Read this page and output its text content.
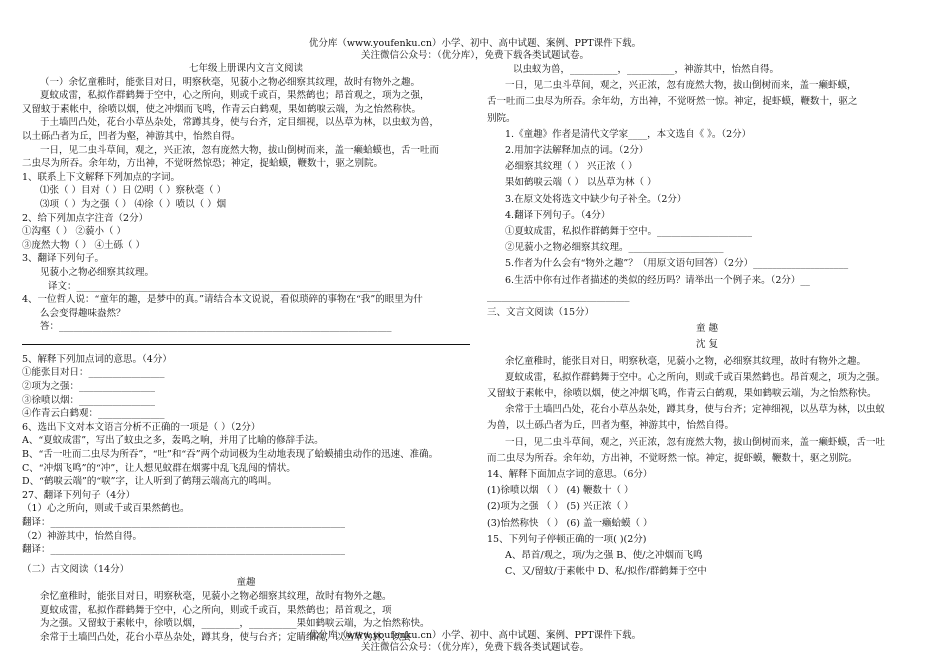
优分库（www.youfenku.cn）小学、初中、高中试题、案例、PPT课件下载。
关注微信公众号：（优分库），免费下载各类试题试卷。
七年级上册课内文言文阅读
（一）余忆童稚时，能张目对日，明察秋毫，见藐小之物必细察其纹理，故时有物外之趣。
夏蚊成雷，私拟作群鹤舞于空中，心之所向，则或千或百，果然鹤也；昂首观之，项为之强，
又留蚊于素帐中，徐喷以烟，使之冲烟而飞鸣，作青云白鹤观，果如鹤唳云端，为之怡然称快。
于土墙凹凸处，花台小草丛杂处，常蹲其身，使与台齐，定目细视，以丛草为林，以虫蚁为兽，
以土砾凸者为丘，凹者为壑，神游其中，怡然自得。
一日，见二虫斗草间，观之，兴正浓，忽有庞然大物，拔山倒树而来，盖一癞蛤蟆也，舌一吐而
二虫尽为所吞。余年幼，方出神，不觉呀然惊恐；神定，捉蛤蟆，鞭数十，驱之别院。
1、联系上下文解释下列加点的字词。
⑴张（ ）目对（ ）日 ⑵明（ ）察秋毫（ ）
⑶项（ ）为之强（ ） ⑷徐（ ）喷以（ ）烟
2、给下列加点字注音（2分）
①沟壑（ ） ②藐小（ ）
③庞然大物（ ） ④土砾（ ）
3、翻译下列句子。
见藐小之物必细察其纹理。
译文：________________________________________________________________
4、一位哲人说：“童年的趣，是梦中的真。”请结合本文说说，看似琐碎的事物在“我”的眼里为什
么会变得趣味盎然？
答：______________________________________________________________________
5、解释下列加点词的意思。（4分）
①能张目对日：________________
②项为之强：________________
③徐喷以烟：________________
④作青云白鹤观：______________
6、选出下文对本文语言分析不正确的一项是（ ）（2分）
A、“夏蚊成雷”，写出了蚊虫之多，轰鸣之响，并用了比喻的修辞手法。
B、“舌一吐而二虫尽为所吞”，“吐”和“吞”两个动词极为生动地表现了蛤蟆捕虫动作的迅速、准确。
C、“冲烟飞鸣”的“冲”，让人想见蚊群在烟雾中乱飞乱闯的情状。
D、“鹤唳云端”的“唳”字，让人听到了鹤翔云端高亢的鸣叫。
27、翻译下列句子（4分）
（1）心之所向，则或千或百果然鹤也。
翻译：______________________________________________________________
（2）神游其中，怡然自得。
翻译：______________________________________________________________
（二）古文阅读（14分）
童趣
余忆童稚时，能张目对日，明察秋毫，见藐小之物必细察其纹理，故时有物外之趣。
夏蚊成雷，私拟作群鹤舞于空中，心之所向，则或千或百，果然鹤也；昂首观之，项
为之强。又留蚊于素帐中，徐喷以烟，________，__________果如鹤唳云端，为之怡然称快。
余常于土墙凹凸处，花台小草丛杂处，蹲其身，使与台齐；定睛细视，以丛草为林，以虫
以虫蚁为兽，__________，__________，神游其中，怡然自得。
一日，见二虫斗草间，观之，兴正浓，忽有庞然大物，拔山倒树而来，盖一癞虾蟆，
舌一吐而二虫尽为所吞。余年幼，方出神，不觉呀然一惊。神定，捉虾蟆，鞭数十，驱之
别院。
1.《童趣》作者是清代文学家____，本文选自《 》。（2分）
2.用加字法解释加点的词。（2分）
必细察其纹理（ ） 兴正浓（ ）
果如鹤唳云端（ ） 以丛草为林（ ）
3.在原文处将选文中缺少句子补全。（2分）
4.翻译下列句子。（4分）
①夏蚊成雷，私拟作群鹤舞于空中。____________________
②见藐小之物必细察其纹理。____________________
5.作者为什么会有“物外之趣”？（用原文语句回答）（2分）____________________
6.生活中你有过作者描述的类似的经历吗？请举出一个例子来。（2分）__
______________________________
三、文言文阅读（15分）
童 趣
沈 复
余忆童稚时，能张目对日，明察秋毫，见藐小之物，必细察其纹理，故时有物外之趣。
夏蚊成雷，私拟作群鹤舞于空中。心之所向，则或千或百果然鹤也。昂首观之，项为之强。
又留蚊于素帐中，徐喷以烟，使之冲烟飞鸣，作青云白鹤观，果如鹤唳云端，为之怡然称快。
余常于土墙凹凸处，花台小草丛杂处，蹲其身，使与台齐；定神细视，以丛草为林，以虫蚁
为兽，以土砾凸者为丘，凹者为壑，神游其中，怡然自得。
一日，见二虫斗草间，观之，兴正浓，忽有庞然大物，拔山倒树而来，盖一癞虾蟆，舌一吐
而二虫尽为所吞。余年幼，方出神，不觉呀然一惊。神定，捉虾蟆，鞭数十，驱之别院。
14、解释下面加点字词的意思。（6分）
(1)徐喷以烟 （ ） (4) 鞭数十（ ）
(2)项为之强 （ ） (5) 兴正浓（ ）
(3)怡然称快 （ ） (6) 盖一癞蛤蟆（ ）
15、下列句子停顿正确的一项( )(2分)
A、昂首/观之，项/为之强 B、使/之冲烟而飞鸣
C、又/留蚊/于素帐中 D、私/拟作/群鹤舞于空中
优分库（www.youfenku.cn）小学、初中、高中试题、案例、PPT课件下载。
关注微信公众号：（优分库），免费下载各类试题试卷。
